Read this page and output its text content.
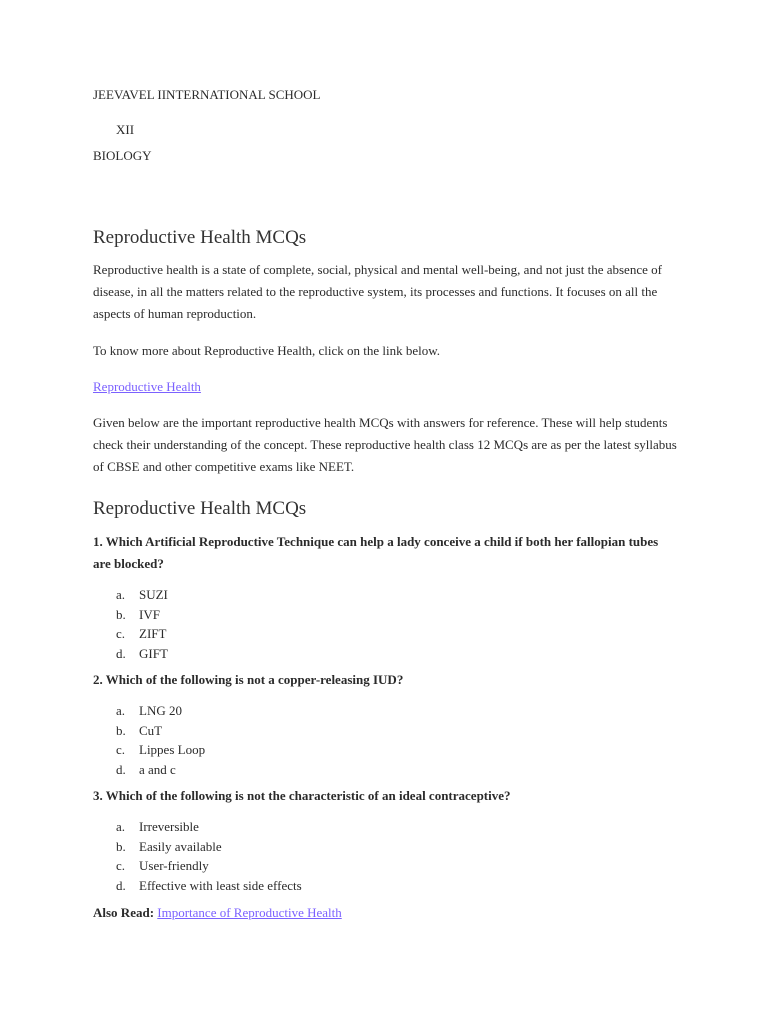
JEEVAVEL IINTERNATIONAL SCHOOL
XII
BIOLOGY
Reproductive Health MCQs
Reproductive health is a state of complete, social, physical and mental well-being, and not just the absence of disease, in all the matters related to the reproductive system, its processes and functions. It focuses on all the aspects of human reproduction.
To know more about Reproductive Health, click on the link below.
Reproductive Health
Given below are the important reproductive health MCQs with answers for reference. These will help students check their understanding of the concept. These reproductive health class 12 MCQs are as per the latest syllabus of CBSE and other competitive exams like NEET.
Reproductive Health MCQs
1. Which Artificial Reproductive Technique can help a lady conceive a child if both her fallopian tubes are blocked?
a. SUZI
b. IVF
c. ZIFT
d. GIFT
2. Which of the following is not a copper-releasing IUD?
a. LNG 20
b. CuT
c. Lippes Loop
d. a and c
3. Which of the following is not the characteristic of an ideal contraceptive?
a. Irreversible
b. Easily available
c. User-friendly
d. Effective with least side effects
Also Read: Importance of Reproductive Health
